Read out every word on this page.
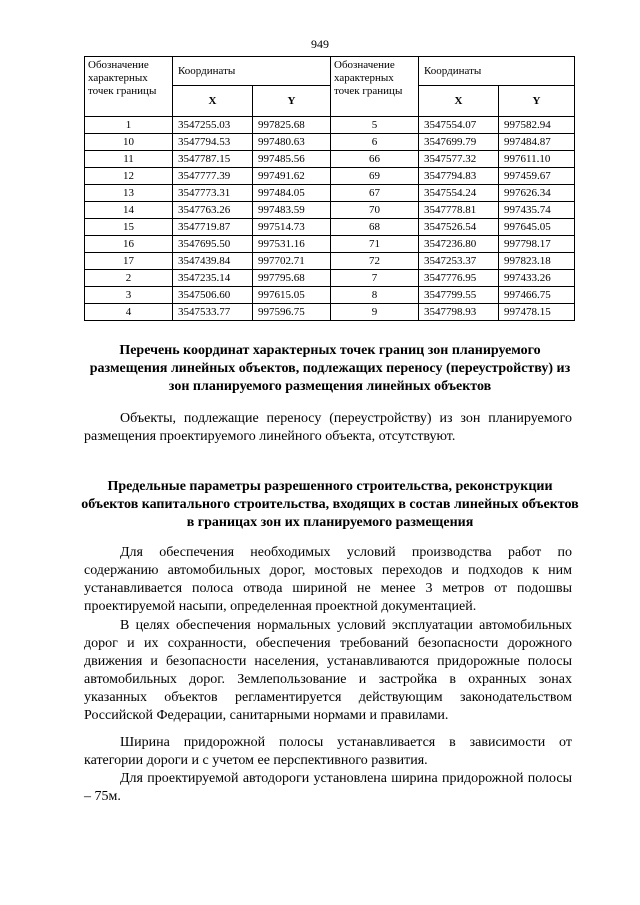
949
Обозначение характерных точек границы	Координаты		Обозначение характерных точек границы	Координаты	
	X	Y		X	Y
1	3547255.03	997825.68	5	3547554.07	997582.94
10	3547794.53	997480.63	6	3547699.79	997484.87
11	3547787.15	997485.56	66	3547577.32	997611.10
12	3547777.39	997491.62	69	3547794.83	997459.67
13	3547773.31	997484.05	67	3547554.24	997626.34
14	3547763.26	997483.59	70	3547778.81	997435.74
15	3547719.87	997514.73	68	3547526.54	997645.05
16	3547695.50	997531.16	71	3547236.80	997798.17
17	3547439.84	997702.71	72	3547253.37	997823.18
2	3547235.14	997795.68	7	3547776.95	997433.26
3	3547506.60	997615.05	8	3547799.55	997466.75
4	3547533.77	997596.75	9	3547798.93	997478.15
Перечень координат характерных точек границ зон планируемого размещения линейных объектов, подлежащих переносу (переустройству) из зон планируемого размещения линейных объектов
Объекты, подлежащие переносу (переустройству) из зон планируемого размещения проектируемого линейного объекта, отсутствуют.
Предельные параметры разрешенного строительства, реконструкции объектов капитального строительства, входящих в состав линейных объектов в границах зон их планируемого размещения
Для обеспечения необходимых условий производства работ по содержанию автомобильных дорог, мостовых переходов и подходов к ним устанавливается полоса отвода шириной не менее 3 метров от подошвы проектируемой насыпи, определенная проектной документацией.
В целях обеспечения нормальных условий эксплуатации автомобильных дорог и их сохранности, обеспечения требований безопасности дорожного движения и безопасности населения, устанавливаются придорожные полосы автомобильных дорог. Землепользование и застройка в охранных зонах указанных объектов регламентируется действующим законодательством Российской Федерации, санитарными нормами и правилами.
Ширина придорожной полосы устанавливается в зависимости от категории дороги и с учетом ее перспективного развития.
Для проектируемой автодороги установлена ширина придорожной полосы – 75м.
